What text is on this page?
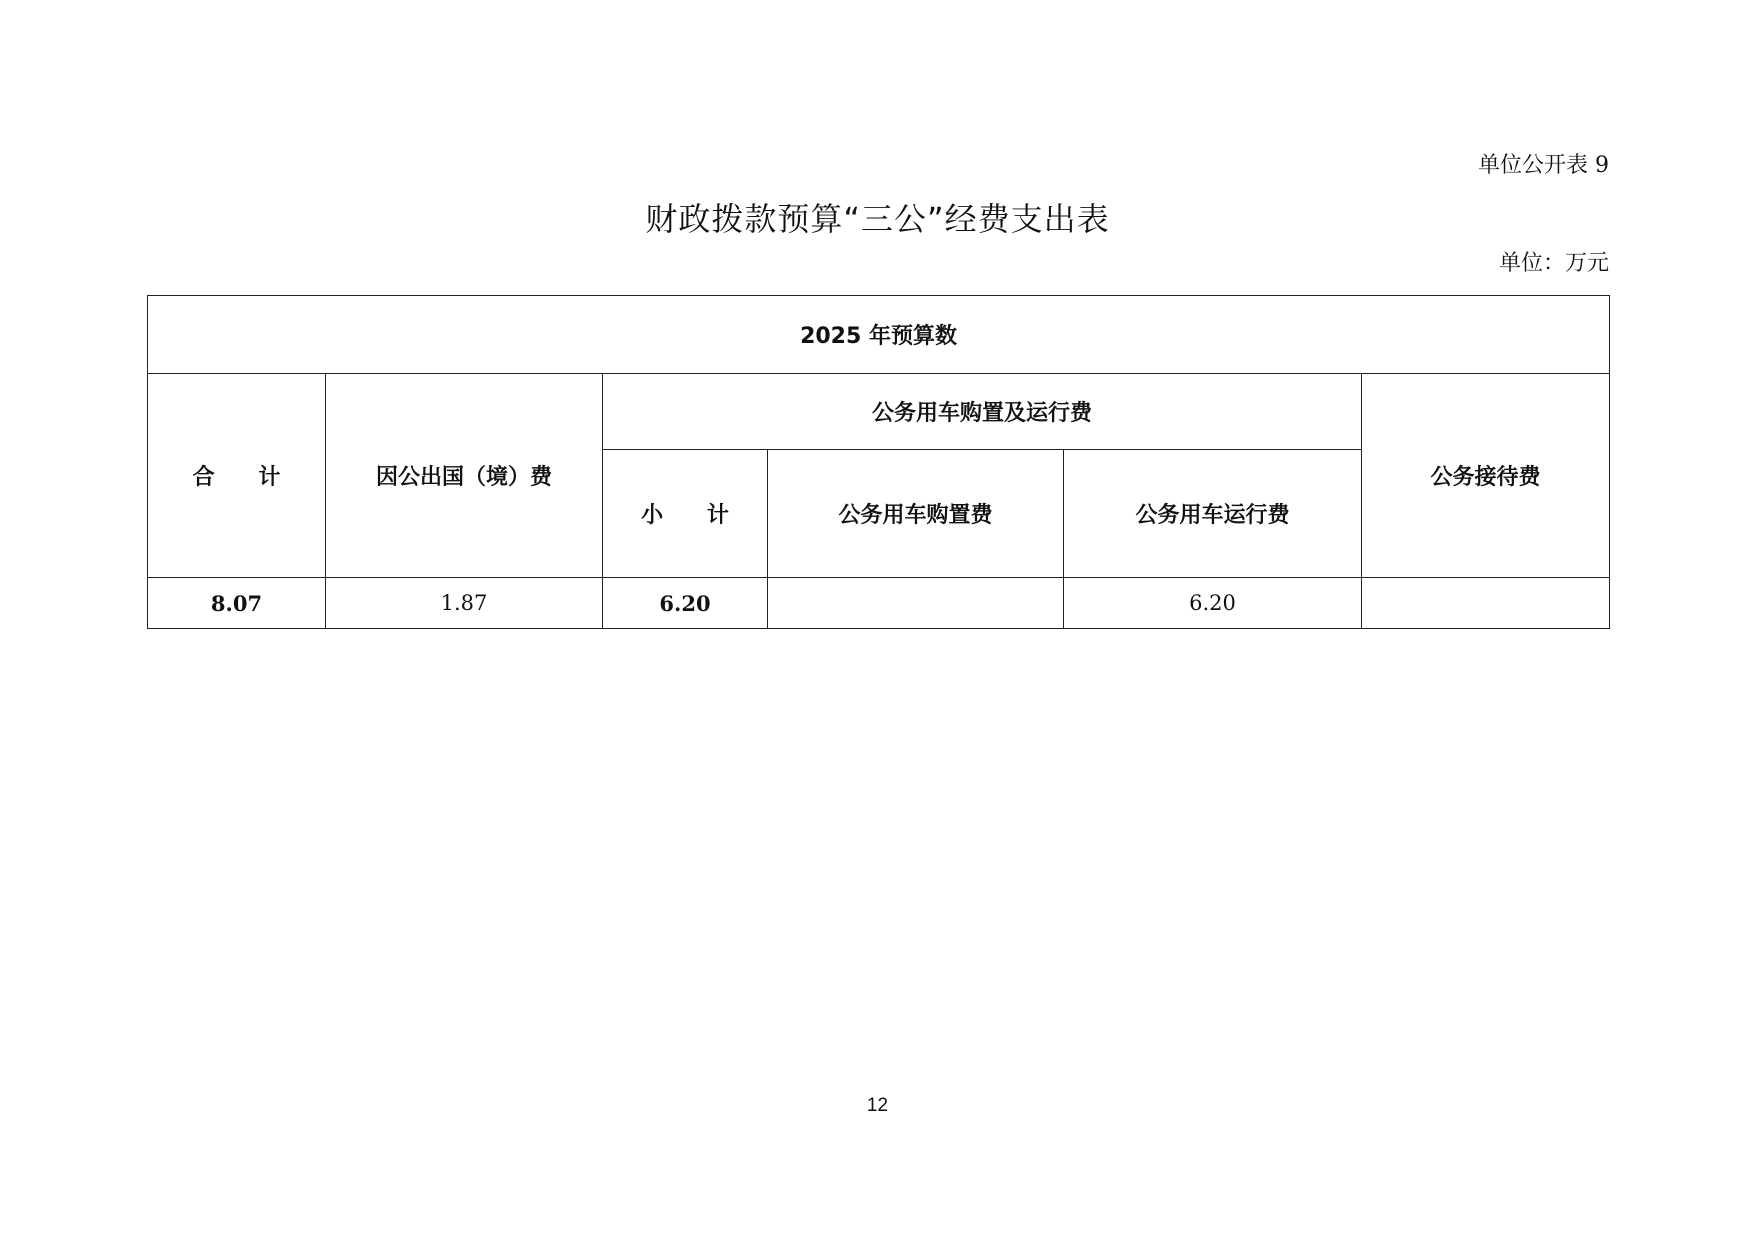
单位公开表 9
财政拨款预算“三公”经费支出表
单位：万元
2025 年预算数					
合 计	因公出国（境）费	公务用车购置及运行费			公务接待费
		小 计	公务用车购置费	公务用车运行费	
8.07	1.87	6.20		6.20	
12
